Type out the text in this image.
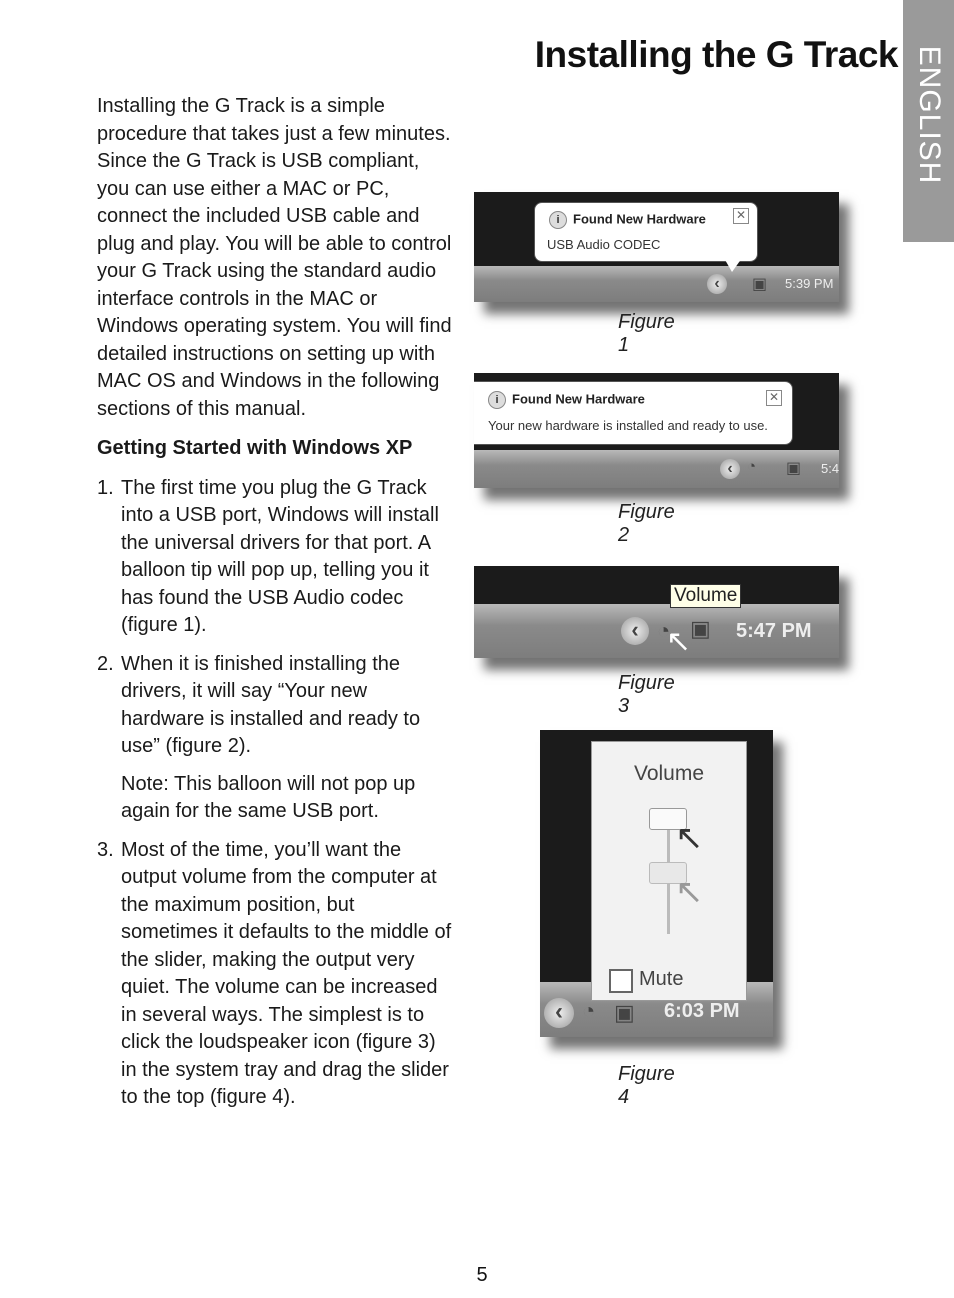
Installing the G Track ENGLISH

Installing the G Track is a simple procedure that takes just a few minutes. Since the G Track is USB compliant, you can use either a MAC or PC, connect the included USB cable and plug and play. You will be able to control your G Track using the standard audio interface controls in the MAC or Windows operating system. You will find detailed instructions on setting up with MAC OS and Windows in the following sections of this manual.

Getting Started with Windows XP
1. The first time you plug the G Track into a USB port, Windows will install the universal drivers for that port. A balloon tip will pop up, telling you it has found the USB Audio codec (figure 1).
2. When it is finished installing the drivers, it will say “Your new hardware is installed and ready to use” (figure 2).
Note: This balloon will not pop up again for the same USB port.
3. Most of the time, you’ll want the output volume from the computer at the maximum position, but sometimes it defaults to the middle of the slider, making the output very quiet. The volume can be increased in several ways. The simplest is to click the loudspeaker icon (figure 3) in the system tray and drag the slider to the top (figure 4).
i Found New Hardware	✕
USB Audio CODEC
‹	▣ 5:39 PM
Figure 1
i Found New Hardware	✕
Your new hardware is installed and ready to use.
‹ ◔ ▣ 5:4
Figure 2
Volume
‹ ◔ ▣
↖ 5:47 PM
Figure 3
Volume
↖
↖
Mute
‹ ◔ ▣ 6:03 PM
Figure 4
5
